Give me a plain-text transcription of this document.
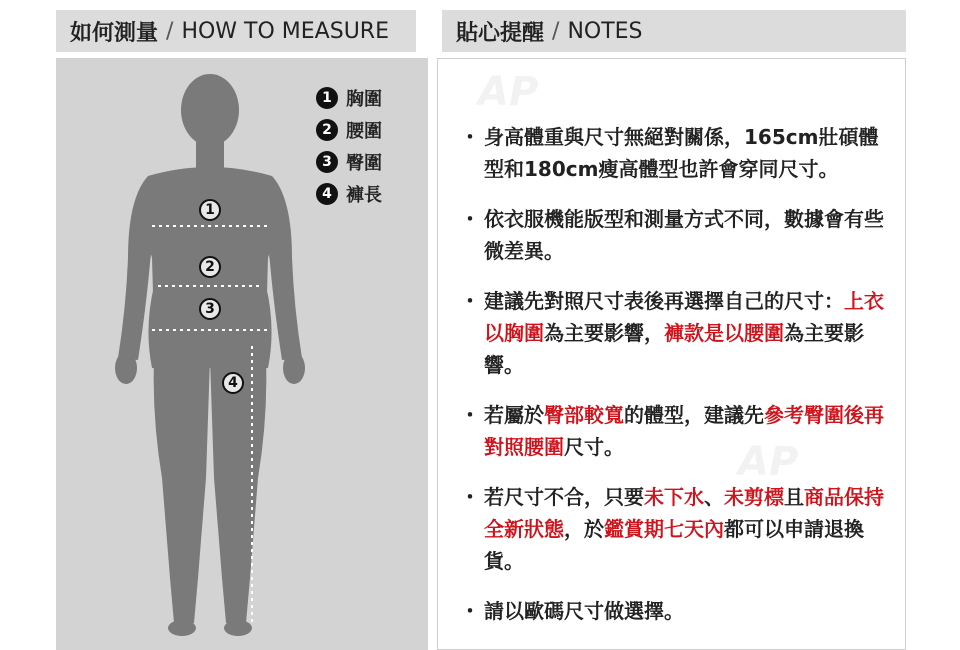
如何測量 / HOW TO MEASURE	貼心提醒 / NOTES
1
2
3
4
1 胸圍
2 腰圍
3 臀圍
4 褲長
AP
AP
・ 身高體重與尺寸無絕對關係，165cm壯碩體型和180cm瘦高體型也許會穿同尺寸。
・ 依衣服機能版型和測量方式不同，數據會有些微差異。
・ 建議先對照尺寸表後再選擇自己的尺寸：上衣以胸圍為主要影響，褲款是以腰圍為主要影響。
・ 若屬於臀部較寬的體型，建議先參考臀圍後再對照腰圍尺寸。
・ 若尺寸不合，只要未下水、未剪標且商品保持全新狀態，於鑑賞期七天內都可以申請退換貨。
・ 請以歐碼尺寸做選擇。
